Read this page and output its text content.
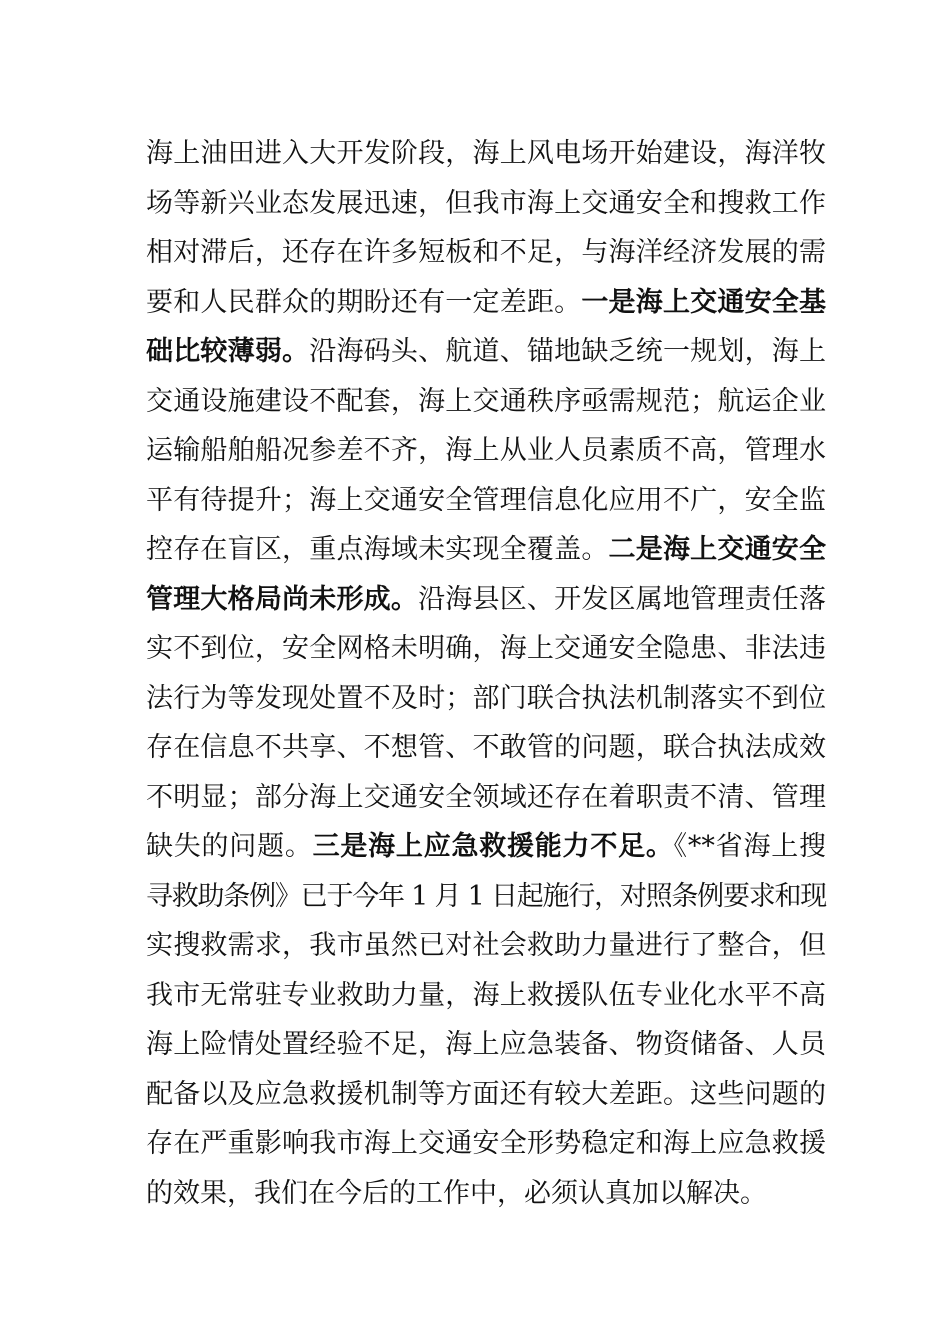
海上油田进入大开发阶段，海上风电场开始建设，海洋牧
场等新兴业态发展迅速，但我市海上交通安全和搜救工作
相对滞后，还存在许多短板和不足，与海洋经济发展的需
要和人民群众的期盼还有一定差距。一是海上交通安全基
础比较薄弱。沿海码头、航道、锚地缺乏统一规划，海上
交通设施建设不配套，海上交通秩序亟需规范；航运企业
运输船舶船况参差不齐，海上从业人员素质不高，管理水
平有待提升；海上交通安全管理信息化应用不广，安全监
控存在盲区，重点海域未实现全覆盖。二是海上交通安全
管理大格局尚未形成。沿海县区、开发区属地管理责任落
实不到位，安全网格未明确，海上交通安全隐患、非法违
法行为等发现处置不及时；部门联合执法机制落实不到位
存在信息不共享、不想管、不敢管的问题，联合执法成效
不明显；部分海上交通安全领域还存在着职责不清、管理
缺失的问题。三是海上应急救援能力不足。《**省海上搜
寻救助条例》已于今年 1 月 1 日起施行，对照条例要求和现
实搜救需求，我市虽然已对社会救助力量进行了整合，但
我市无常驻专业救助力量，海上救援队伍专业化水平不高
海上险情处置经验不足，海上应急装备、物资储备、人员
配备以及应急救援机制等方面还有较大差距。这些问题的
存在严重影响我市海上交通安全形势稳定和海上应急救援
的效果，我们在今后的工作中，必须认真加以解决。
